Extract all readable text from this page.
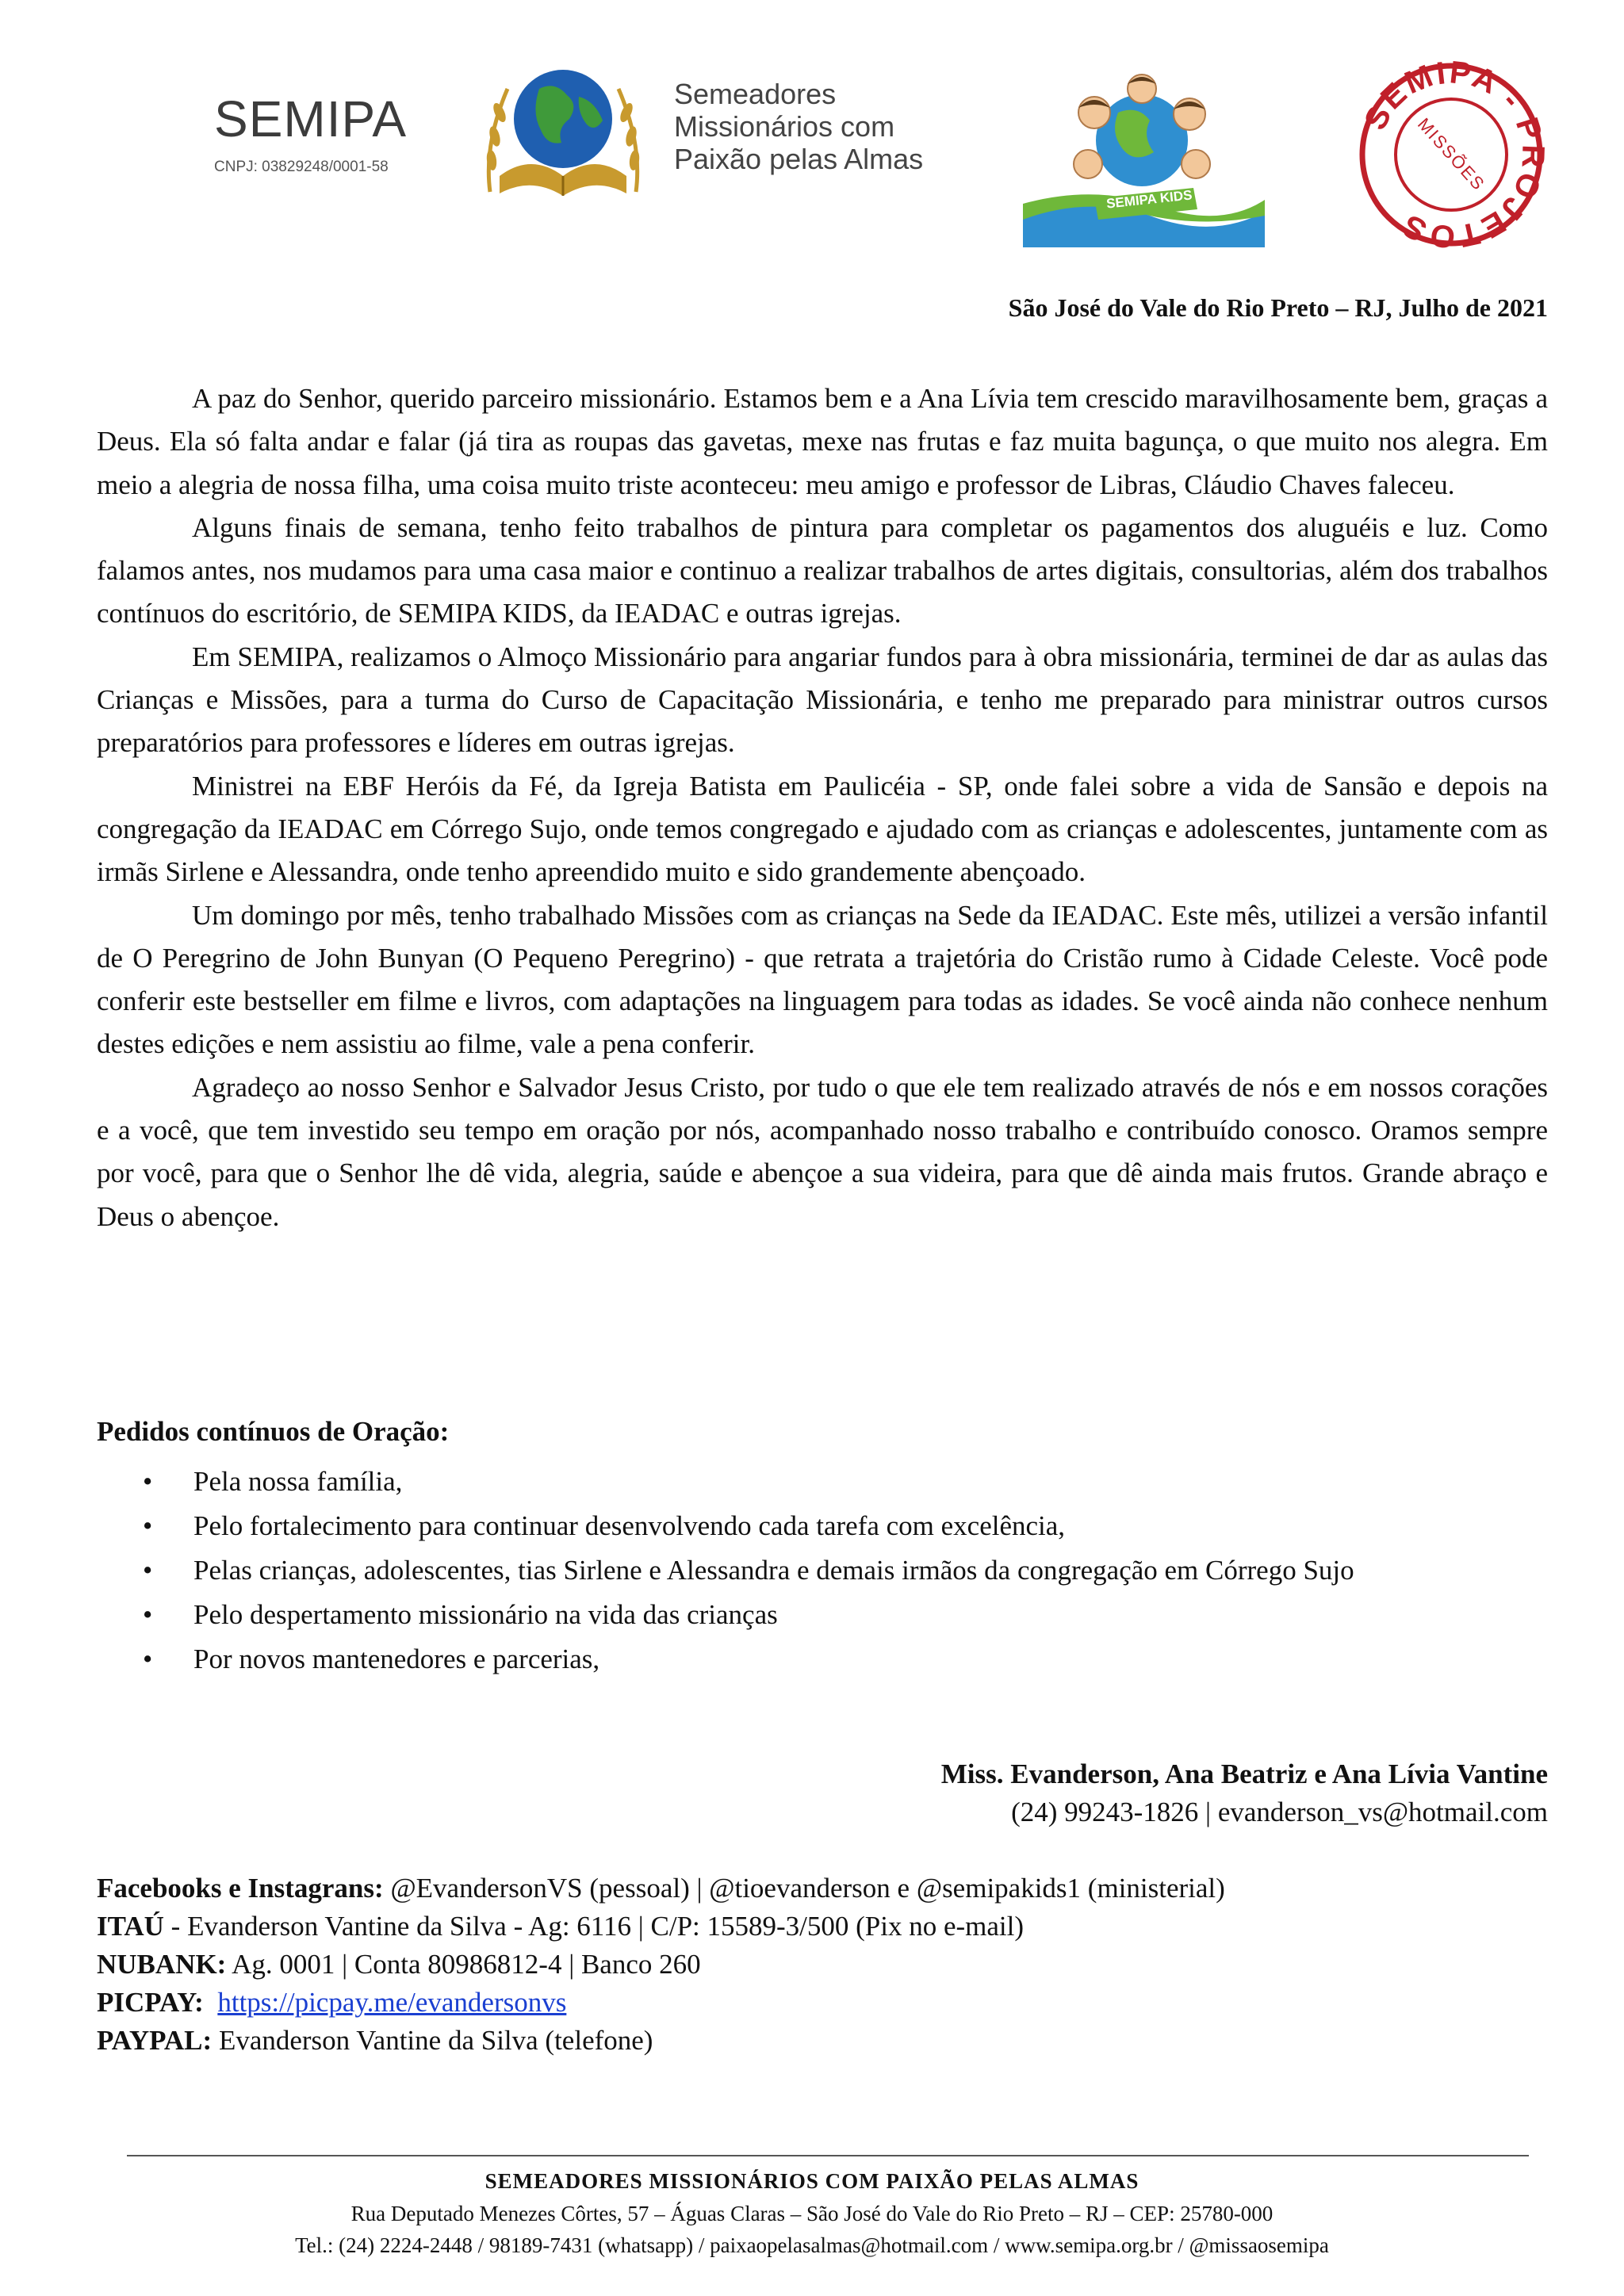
SEMIPA
CNPJ: 03829248/0001-58
Semeadores
Missionários com
Paixão pelas Almas
SEMIPA KIDS
SEMIPA - PROJETOS
MISSÕES
São José do Vale do Rio Preto – RJ, Julho de 2021

A paz do Senhor, querido parceiro missionário. Estamos bem e a Ana Lívia tem crescido maravilhosamente bem, graças a Deus. Ela só falta andar e falar (já tira as roupas das gavetas, mexe nas frutas e faz muita bagunça, o que muito nos alegra. Em meio a alegria de nossa filha, uma coisa muito triste aconteceu: meu amigo e professor de Libras, Cláudio Chaves faleceu.

Alguns finais de semana, tenho feito trabalhos de pintura para completar os pagamentos dos aluguéis e luz. Como falamos antes, nos mudamos para uma casa maior e continuo a realizar trabalhos de artes digitais, consultorias, além dos trabalhos contínuos do escritório, de SEMIPA KIDS, da IEADAC e outras igrejas.

Em SEMIPA, realizamos o Almoço Missionário para angariar fundos para à obra missionária, terminei de dar as aulas das Crianças e Missões, para a turma do Curso de Capacitação Missionária, e tenho me preparado para ministrar outros cursos preparatórios para professores e líderes em outras igrejas.

Ministrei na EBF Heróis da Fé, da Igreja Batista em Paulicéia - SP, onde falei sobre a vida de Sansão e depois na congregação da IEADAC em Córrego Sujo, onde temos congregado e ajudado com as crianças e adolescentes, juntamente com as irmãs Sirlene e Alessandra, onde tenho apreendido muito e sido grandemente abençoado.

Um domingo por mês, tenho trabalhado Missões com as crianças na Sede da IEADAC. Este mês, utilizei a versão infantil de O Peregrino de John Bunyan (O Pequeno Peregrino) - que retrata a trajetória do Cristão rumo à Cidade Celeste. Você pode conferir este bestseller em filme e livros, com adaptações na linguagem para todas as idades. Se você ainda não conhece nenhum destes edições e nem assistiu ao filme, vale a pena conferir.

Agradeço ao nosso Senhor e Salvador Jesus Cristo, por tudo o que ele tem realizado através de nós e em nossos corações e a você, que tem investido seu tempo em oração por nós, acompanhado nosso trabalho e contribuído conosco. Oramos sempre por você, para que o Senhor lhe dê vida, alegria, saúde e abençoe a sua videira, para que dê ainda mais frutos. Grande abraço e Deus o abençoe.

Pedidos contínuos de Oração:
• Pela nossa família,
• Pelo fortalecimento para continuar desenvolvendo cada tarefa com excelência,
• Pelas crianças, adolescentes, tias Sirlene e Alessandra e demais irmãos da congregação em Córrego Sujo
• Pelo despertamento missionário na vida das crianças
• Por novos mantenedores e parcerias,
Miss. Evanderson, Ana Beatriz e Ana Lívia Vantine
(24) 99243-1826 | evanderson_vs@hotmail.com
Facebooks e Instagrans: @EvandersonVS (pessoal) | @tioevanderson e @semipakids1 (ministerial)
ITAÚ - Evanderson Vantine da Silva - Ag: 6116 | C/P: 15589-3/500 (Pix no e-mail)
NUBANK: Ag. 0001 | Conta 80986812-4 | Banco 260
PICPAY: https://picpay.me/evandersonvs
PAYPAL: Evanderson Vantine da Silva (telefone)
SEMEADORES MISSIONÁRIOS COM PAIXÃO PELAS ALMAS
Rua Deputado Menezes Côrtes, 57 – Águas Claras – São José do Vale do Rio Preto – RJ – CEP: 25780-000
Tel.: (24) 2224-2448 / 98189-7431 (whatsapp) / paixaopelasalmas@hotmail.com / www.semipa.org.br / @missaosemipa
